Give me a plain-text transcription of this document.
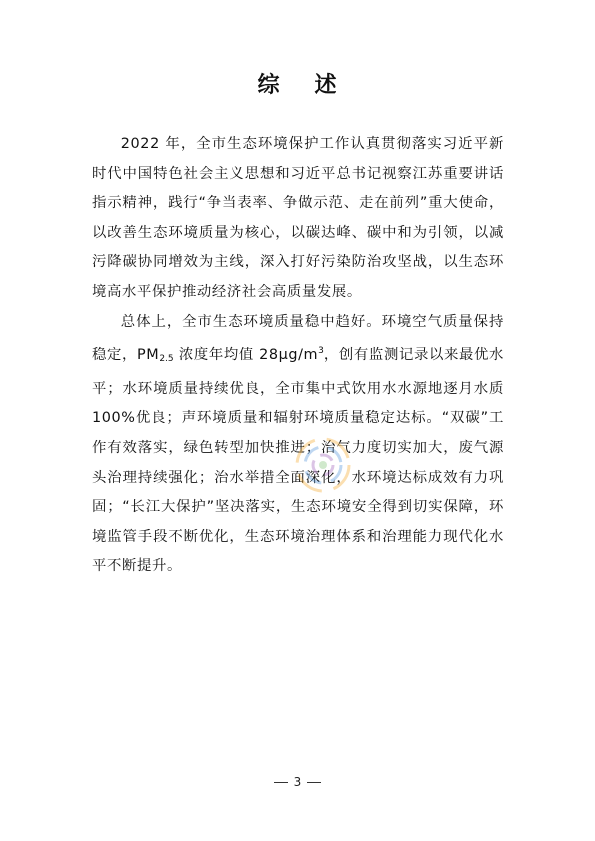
综 述

2022 年，全市生态环境保护工作认真贯彻落实习近平新时代中国特色社会主义思想和习近平总书记视察江苏重要讲话指示精神，践行“争当表率、争做示范、走在前列”重大使命，以改善生态环境质量为核心，以碳达峰、碳中和为引领，以减污降碳协同增效为主线，深入打好污染防治攻坚战，以生态环境高水平保护推动经济社会高质量发展。

总体上，全市生态环境质量稳中趋好。环境空气质量保持稳定，$PM_{2.5}$ 浓度年均值 $28\mu g/m^3$，创有监测记录以来最优水平；水环境质量持续优良，全市集中式饮用水水源地逐月水质 100%优良；声环境质量和辐射环境质量稳定达标。“双碳”工作有效落实，绿色转型加快推进；治气力度切实加大，废气源头治理持续强化；治水举措全面深化，水环境达标成效有力巩固；“长江大保护”坚决落实，生态环境安全得到切实保障，环境监管手段不断优化，生态环境治理体系和治理能力现代化水平不断提升。

3
